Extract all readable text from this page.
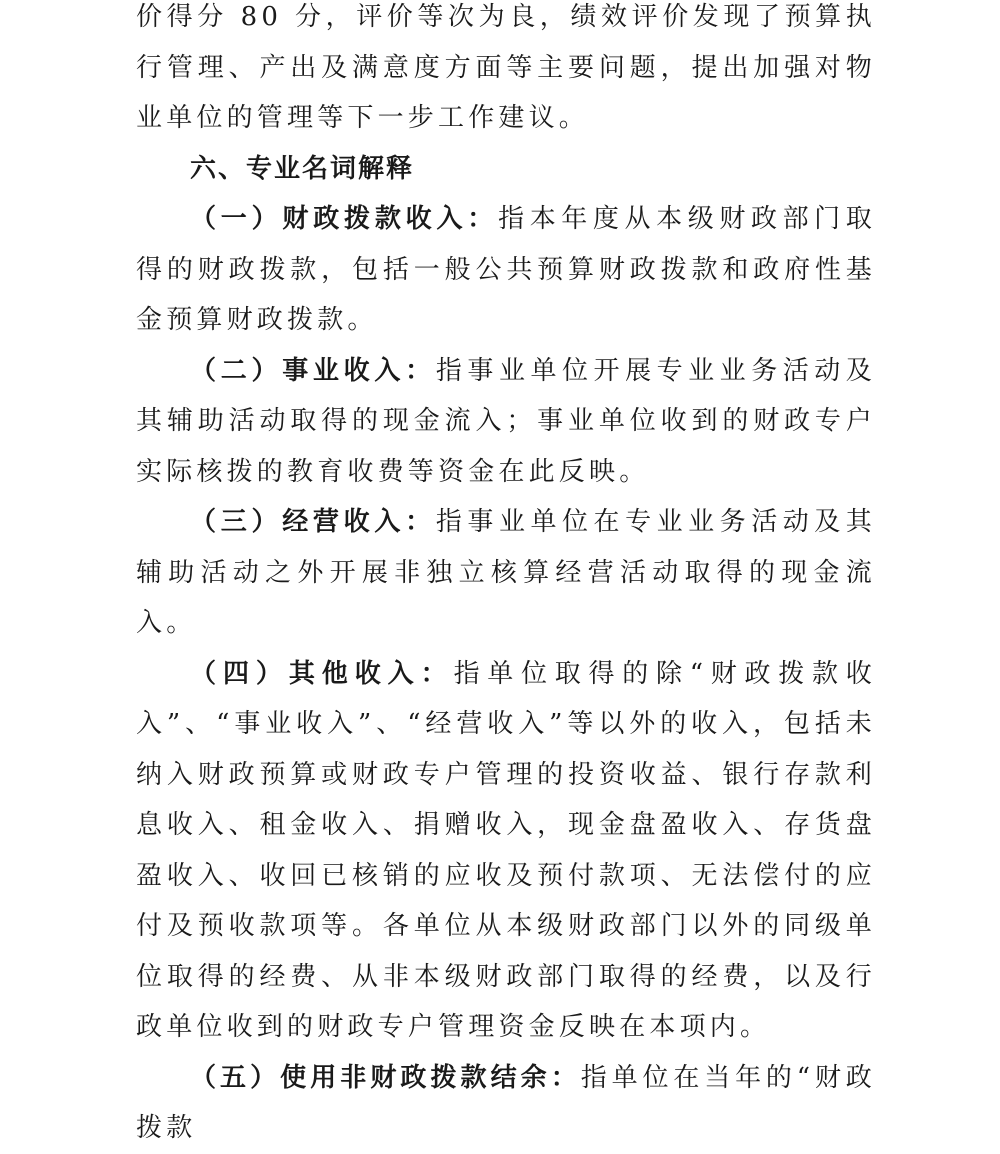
价得分 80 分，评价等次为良，绩效评价发现了预算执行管理、产出及满意度方面等主要问题，提出加强对物业单位的管理等下一步工作建议。

六、专业名词解释

（一）财政拨款收入：指本年度从本级财政部门取得的财政拨款，包括一般公共预算财政拨款和政府性基金预算财政拨款。

（二）事业收入：指事业单位开展专业业务活动及其辅助活动取得的现金流入；事业单位收到的财政专户实际核拨的教育收费等资金在此反映。

（三）经营收入：指事业单位在专业业务活动及其辅助活动之外开展非独立核算经营活动取得的现金流入。

（四）其他收入：指单位取得的除“财政拨款收入”、“事业收入”、“经营收入”等以外的收入，包括未纳入财政预算或财政专户管理的投资收益、银行存款利息收入、租金收入、捐赠收入，现金盘盈收入、存货盘盈收入、收回已核销的应收及预付款项、无法偿付的应付及预收款项等。各单位从本级财政部门以外的同级单位取得的经费、从非本级财政部门取得的经费，以及行政单位收到的财政专户管理资金反映在本项内。

（五）使用非财政拨款结余：指单位在当年的“财政拨款
